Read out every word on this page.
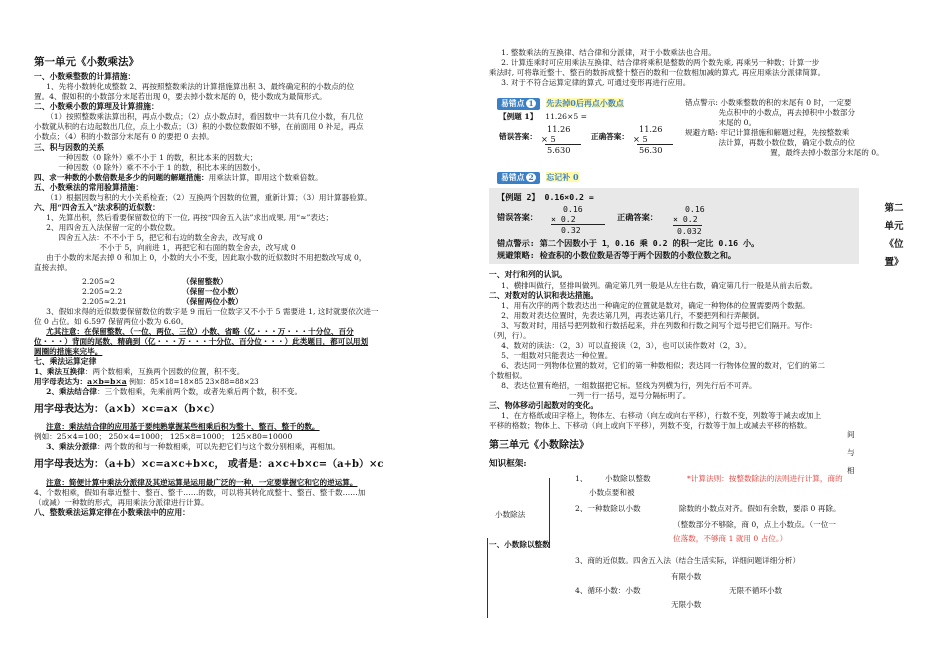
第一单元《小数乘法》

一、小数乘整数的计算措施：

1、先将小数转化成整数 2、再按照整数乘法的计算措施算出积 3、最终确定积的小数点的位

置。4、假如积的小数部分末尾若出现 0，要去掉小数末尾的 0，使小数成为最简形式。

二、小数乘小数的算理及计算措施：

（1）按照整数乘法算出积，再点小数点；（2）点小数点时，看因数中一共有几位小数，有几位

小数就从积的右边起数出几位，点上小数点；（3）积的小数位数假如不够，在前面用 0 补足，再点

小数点；（4）积的小数部分末尾有 0 的要把 0 去掉。

三、积与因数的关系

一种因数（0 除外）乘不小于 1 的数，积比本来的因数大；

一种因数（0 除外）乘不不小于 1 的数，积比本来的因数小。

四、求一种数的小数倍数是多少的问题的解题措施：用乘法计算，即用这个数乘倍数。

五、小数乘法的常用验算措施：

（1）根据因数与积的大小关系检查；（2）互换两个因数的位置，重新计算；（3）用计算器验算。

六、用“四舍五入”法求积的近似数：

1、先算出积，然后看要保留数位的下一位, 再按“四舍五入法”求出成果, 用“≈”表达；

2、用四舍五入法保留一定的小数位数。

四舍五入法：不不小于 5，把它和右边的数全舍去，改写成 0

不小于 5，向前进 1，再把它和右面的数全舍去，改写成 0

由于小数的末尾去掉 0 和加上 0，小数的大小不变，因此取小数的近似数时不用把数改写成 0，

直接去掉。

2.205≈2	（保留整数）
2.205≈2.2	（保留一位小数）
2.205≈2.21	（保留两位小数）

3、假如求得的近似数要保留数位的数字是 9 而后一位数字又不小于 5 需要进 1, 这时就要依次进一

位 0 占位。如 6.597 保留两位小数为 6.60。

尤其注意：在保留整数、（一位、两位、三位）小数、省略（亿・・・万・・・十分位、百分

位・・・）背面的尾数、精确到（亿・・・万・・・十分位、百分位・・・）此类题目，都可以用划

圆圈的措施来完毕。

七、乘法运算定律

1、乘法互换律：两个数相乘，互换两个因数的位置，积不变。

用字母表达为：a×b=b×a 例如：85×18=18×85 23×88=88×23

2、乘法结合律：三个数相乘，先乘前两个数，或者先乘后两个数，积不变。

用字母表达为：（a×b）×c=a×（b×c）

注意：乘法结合律的应用基于要纯熟掌握某些相乘后积为整十、整百、整千的数。

例如：25×4=100； 250×4=1000； 125×8=1000； 125×80=10000

3、乘法分派律：两个数的和与一种数相乘，可以先把它们与这个数分别相乘，再相加。

用字母表达为：（a+b）×c=a×c+b×c， 或者是：a×c+b×c=（a+b）×c

注意：简便计算中乘法分派律及其逆运算是运用最广泛的一种，一定要掌握它和它的逆运算。

4、个数相乘，假如有靠近整十、整百、整千……的数，可以将其转化成整十、整百、整千数……加

（或减）一种数的形式，再用乘法分派律进行计算。

八、整数乘法运算定律在小数乘法中的应用：

1. 整数乘法的互换律、结合律和分派律，对于小数乘法也合用。

2. 计算连乘时可应用乘法互换律、结合律将乘积是整数的两个数先乘, 再乘另一种数；计算一步

乘法时, 可将靠近整十、整百的数拆成整十整百的数和一位数相加减的算式, 再应用乘法分派律简算。

3. 对于不符合运算定律的算式, 可通过变形再进行应用。

易错点 1 先去掉0后再点小数点
【例题 1】 11.26×5 =
错误答案：
11.26
× 5
5.630
正确答案：
11.26
× 5
56.30

错点警示: 小数乘整数的积的末尾有 0 时，一定要

先点积中的小数点，再去掉积中小数部分

末尾的 0。

规避方略: 牢记计算措施和解题过程，先按整数乘

法计算，再数小数位数，确定小数点的位

置，最终去掉小数部分末尾的 0。

易错点 2 忘记补 0
【例题 2】 0.16×0.2 =
错误答案：
0.16
× 0.2
0.32
正确答案：
0.16
× 0.2
0.032
错点警示: 第二个因数小于 1，0.16 乘 0.2 的积一定比 0.16 小。
规避策略: 检查积的小数位数是否等于两个因数的小数位数之和。

一、对行和列的认识。

1、横排叫做行，竖排叫做列。确定第几列一般是从左往右数，确定第几行一般是从前去后数。

二、对数对的认识和表达措施。

1、用有次序的两个数表达出一种确定的位置就是数对，确定一种物体的位置需要两个数据。

2、用数对表达位置时，先表达第几列，再表达第几行，不要把列和行弄颠倒。

3、写数对时，用括号把列数和行数括起来，并在列数和行数之间写个逗号把它们隔开。写作:

（列，行）。

4、数对的读法：（2，3）可以直接读（2，3），也可以读作数对（2，3）。

5、一组数对只能表达一种位置。

6、表达同一列物体位置的数对，它们的第一种数相似；表达同一行物体位置的数对，它们的第二

个数相似。

8、表达位置有绝招，一组数据把它标。竖线为列横为行，列先行后不可弄。

一列一行一括号，逗号分隔标明了。

三、物体移动引起数对的变化。

1、在方格纸或田字格上，物体左、右移动（向左或向右平移），行数不变，列数等于减去或加上

平移的格数；物体上、下移动（向上或向下平移），列数不变，行数等于加上或减去平移的格数。

第三单元《小数除法》

知识框架:

小数除法
1、 小数除以整数
小数点要和被
2、一种数除以小数
*计算法则：按整数除法的法则进行计算，商的
除数的小数点对齐。假如有余数，要添 0 再除。
（整数部分不够除，商 0，点上小数点。（一位一
位落数，不够商 1 就用 0 占位。）
间
与
相
一、小数除以整数
3、商的近似数。四舍五入法（结合生活实际，详细问题详细分析）
有限小数
4、循环小数：小数	无限不循环小数
无限小数
第二
单元
《位
置》
